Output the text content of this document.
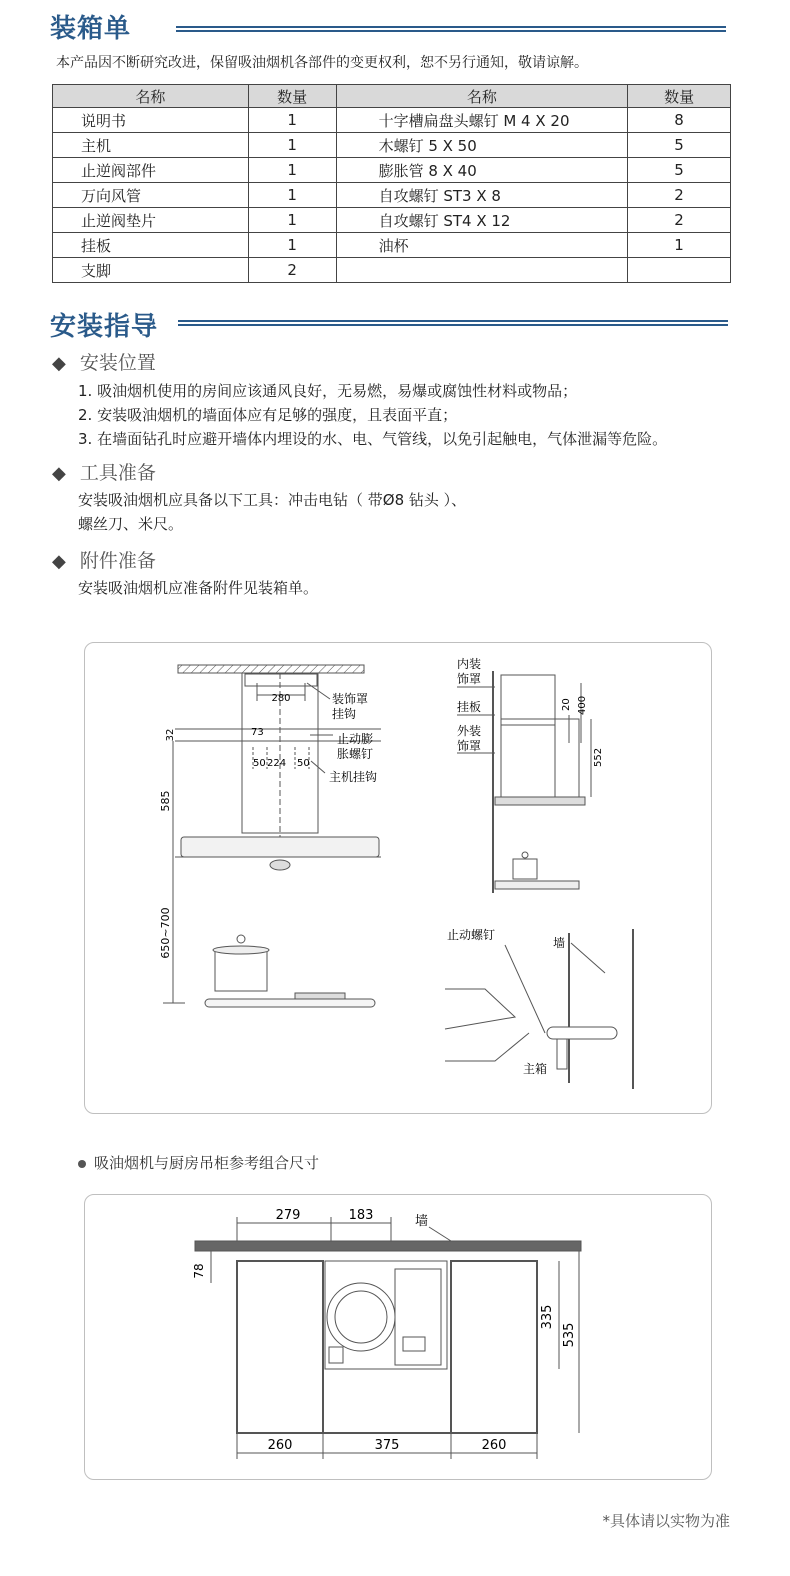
装箱单
本产品因不断研究改进，保留吸油烟机各部件的变更权利，恕不另行通知，敬请谅解。
名称	数量	名称	数量
说明书	1	十字槽扁盘头螺钉 M 4 X 20	8
主机	1	木螺钉 5 X 50	5
止逆阀部件	1	膨胀管 8 X 40	5
万向风管	1	自攻螺钉 ST3 X 8	2
止逆阀垫片	1	自攻螺钉 ST4 X 12	2
挂板	1	油杯	1
支脚	2		
安装指导
◆ 安装位置
1. 吸油烟机使用的房间应该通风良好，无易燃，易爆或腐蚀性材料或物品；
2. 安装吸油烟机的墙面体应有足够的强度，且表面平直；
3. 在墙面钻孔时应避开墙体内埋设的水、电、气管线，以免引起触电，气体泄漏等危险。
◆ 工具准备
安装吸油烟机应具备以下工具：冲击电钻（ 带Ø8 钻头 ）、
螺丝刀、米尺。
◆ 附件准备
安装吸油烟机应准备附件见装箱单。
280	装饰罩
挂钩
32	73	止动膨
胀螺钉
50 224 50
主机挂钩
585
650~700
内装
饰罩
挂板
外装
饰罩
20 400
552
止动螺钉
墙
主箱
吸油烟机与厨房吊柜参考组合尺寸
279	183	墙
78
335
535
260	375	260
*具体请以实物为准
